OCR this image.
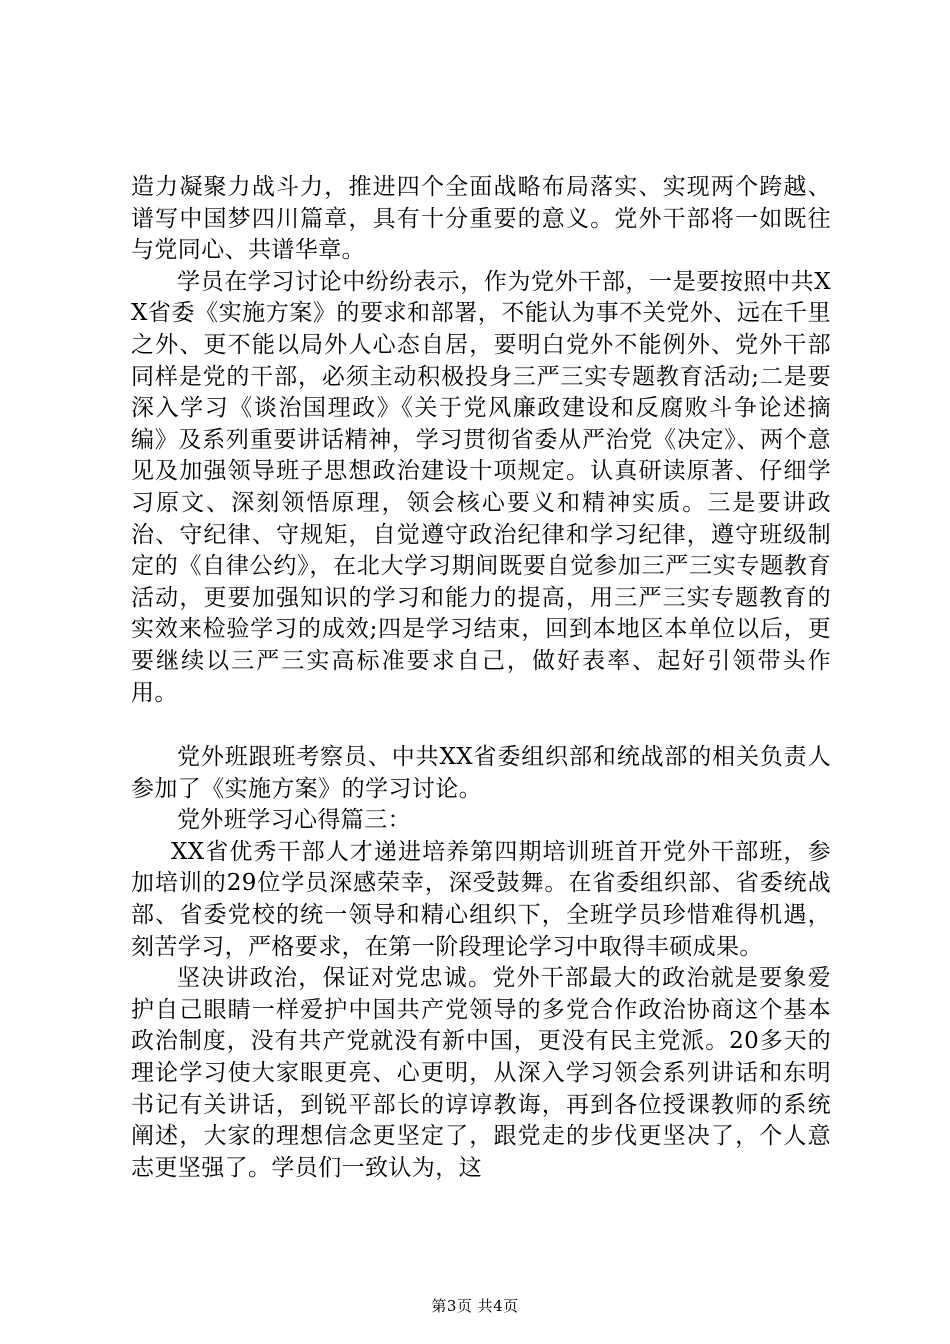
造力凝聚力战斗力，推进四个全面战略布局落实、实现两个跨越、谱写中国梦四川篇章，具有十分重要的意义。党外干部将一如既往与党同心、共谱华章。

学员在学习讨论中纷纷表示，作为党外干部，一是要按照中共XX省委《实施方案》的要求和部署，不能认为事不关党外、远在千里之外、更不能以局外人心态自居，要明白党外不能例外、党外干部同样是党的干部，必须主动积极投身三严三实专题教育活动;二是要深入学习《谈治国理政》《关于党风廉政建设和反腐败斗争论述摘编》及系列重要讲话精神，学习贯彻省委从严治党《决定》、两个意见及加强领导班子思想政治建设十项规定。认真研读原著、仔细学习原文、深刻领悟原理，领会核心要义和精神实质。三是要讲政治、守纪律、守规矩，自觉遵守政治纪律和学习纪律，遵守班级制定的《自律公约》，在北大学习期间既要自觉参加三严三实专题教育活动，更要加强知识的学习和能力的提高，用三严三实专题教育的实效来检验学习的成效;四是学习结束，回到本地区本单位以后，更要继续以三严三实高标准要求自己，做好表率、起好引领带头作用。

党外班跟班考察员、中共XX省委组织部和统战部的相关负责人参加了《实施方案》的学习讨论。

党外班学习心得篇三：

XX省优秀干部人才递进培养第四期培训班首开党外干部班，参加培训的29位学员深感荣幸，深受鼓舞。在省委组织部、省委统战部、省委党校的统一领导和精心组织下，全班学员珍惜难得机遇，刻苦学习，严格要求，在第一阶段理论学习中取得丰硕成果。

坚决讲政治，保证对党忠诚。党外干部最大的政治就是要象爱护自己眼睛一样爱护中国共产党领导的多党合作政治协商这个基本政治制度，没有共产党就没有新中国，更没有民主党派。20多天的理论学习使大家眼更亮、心更明，从深入学习领会系列讲话和东明书记有关讲话，到锐平部长的谆谆教诲，再到各位授课教师的系统阐述，大家的理想信念更坚定了，跟党走的步伐更坚决了，个人意志更坚强了。学员们一致认为，这

第3页 共4页
